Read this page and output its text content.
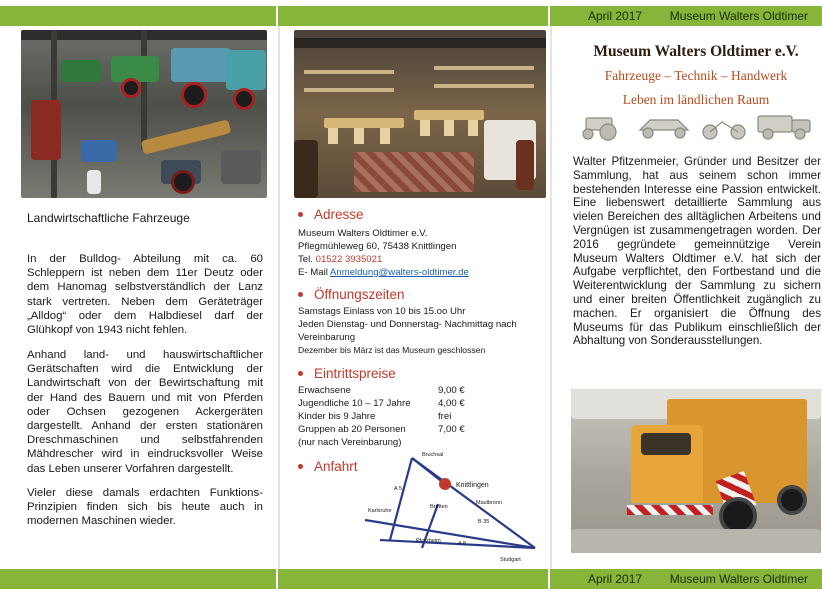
April 2017 Museum Walters Oldtimer
Landwirtschaftliche Fahrzeuge
In der Bulldog- Abteilung mit ca. 60 Schleppern ist neben dem 11er Deutz oder dem Hanomag selbstverständlich der Lanz stark vertreten. Neben dem Geräteträger „Alldog“ oder dem Halbdiesel darf der Glühkopf von 1943 nicht fehlen.
Anhand land- und hauswirtschaftlicher Gerätschaften wird die Entwicklung der Landwirtschaft von der Bewirtschaftung mit der Hand des Bauern und mit von Pferden oder Ochsen gezogenen Ackergeräten dargestellt. Anhand der ersten stationären Dreschmaschinen und selbstfahrenden Mähdrescher wird in eindrucksvoller Weise das Leben unserer Vorfahren dargestellt.
Vieler diese damals erdachten Funktions-Prinzipien finden sich bis heute auch in modernen Maschinen wieder.
Adresse
Museum Walters Oldtimer e.V.
Pflegmühleweg 60, 75438 Knittlingen
Tel. 01522 3935021
E- Mail Anmeldung@walters-oldtimer.de
Öffnungszeiten
Samstags Einlass von 10 bis 15.oo Uhr
Jeden Dienstag- und Donnerstag- Nachmittag nach Vereinbarung
Dezember bis März ist das Museum geschlossen
Eintrittspreise
Erwachsene	9,00 €
Jugendliche 10 – 17 Jahre	4,00 €
Kinder bis 9 Jahre	frei
Gruppen ab 20 Personen	7,00 €
(nur nach Vereinbarung)
Anfahrt
Bruchsal
Knittlingen
A 5
Karlsruhe
Bretten
Maulbronn
B 35
Pforzheim	A 8
Stuttgart
Museum Walters Oldtimer e.V.
Fahrzeuge – Technik – Handwerk
Leben im ländlichen Raum
Walter Pfitzenmeier, Gründer und Besitzer der Sammlung, hat aus seinem schon immer bestehenden Interesse eine Passion entwickelt. Eine liebenswert detaillierte Sammlung aus vielen Bereichen des alltäglichen Arbeitens und Vergnügen ist zusammengetragen worden. Der 2016 gegründete gemeinnützige Verein Museum Walters Oldtimer e.V. hat sich der Aufgabe verpflichtet, den Fortbestand und die Weiterentwicklung der Sammlung zu sichern und einer breiten Öffentlichkeit zugänglich zu machen. Er organisiert die Öffnung des Museums für das Publikum einschließlich der Abhaltung von Sonderausstellungen.
April 2017 Museum Walters Oldtimer
